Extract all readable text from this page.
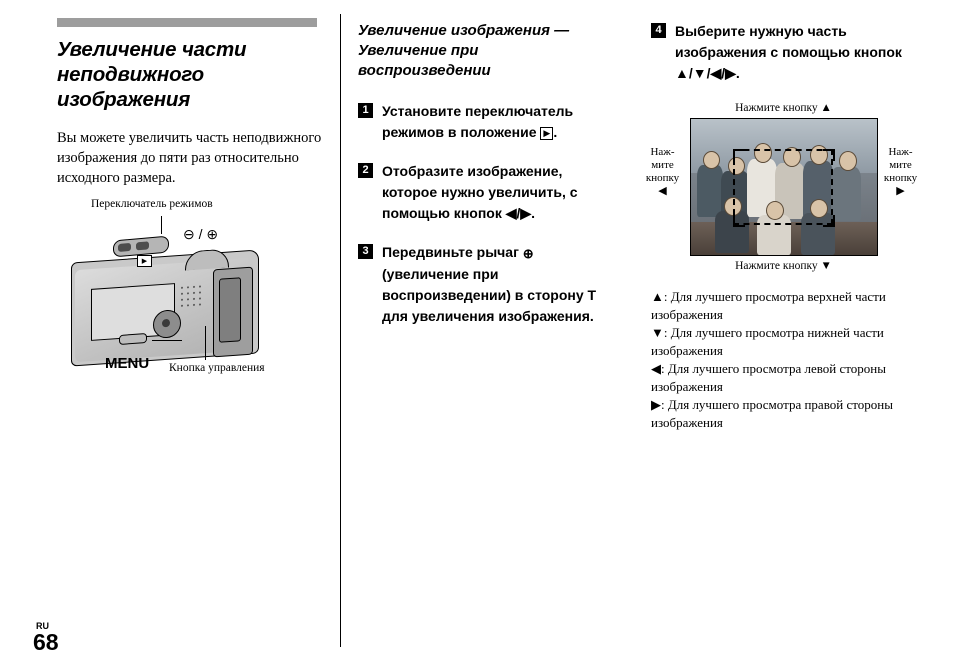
Увеличение части неподвижного изображения

Вы можете увеличить часть неподвижного изображения до пяти раз относительно исходного размера.

Переключатель режимов
▶
⊖ / ⊕
MENU Кнопка управления
Увеличение изображения — Увеличение при воспроизведении
1 Установите переключатель режимов в положение ▶ .
2 Отобразите изображение, которое нужно увеличить, с помощью кнопок ◀/▶.
3 Передвиньте рычаг ⊕ (увеличение при воспроизведении) в сторону T для увеличения изображения.
4 Выберите нужную часть изображения с помощью кнопок ▲/▼/◀/▶.
Нажмите кнопку ▲
Наж-мите кнопку ◀
Наж-мите кнопку ▶
Нажмите кнопку ▼
▲: Для лучшего просмотра верхней части изображения
▼: Для лучшего просмотра нижней части изображения
◀: Для лучшего просмотра левой стороны изображения
▶: Для лучшего просмотра правой стороны изображения
RU
68
